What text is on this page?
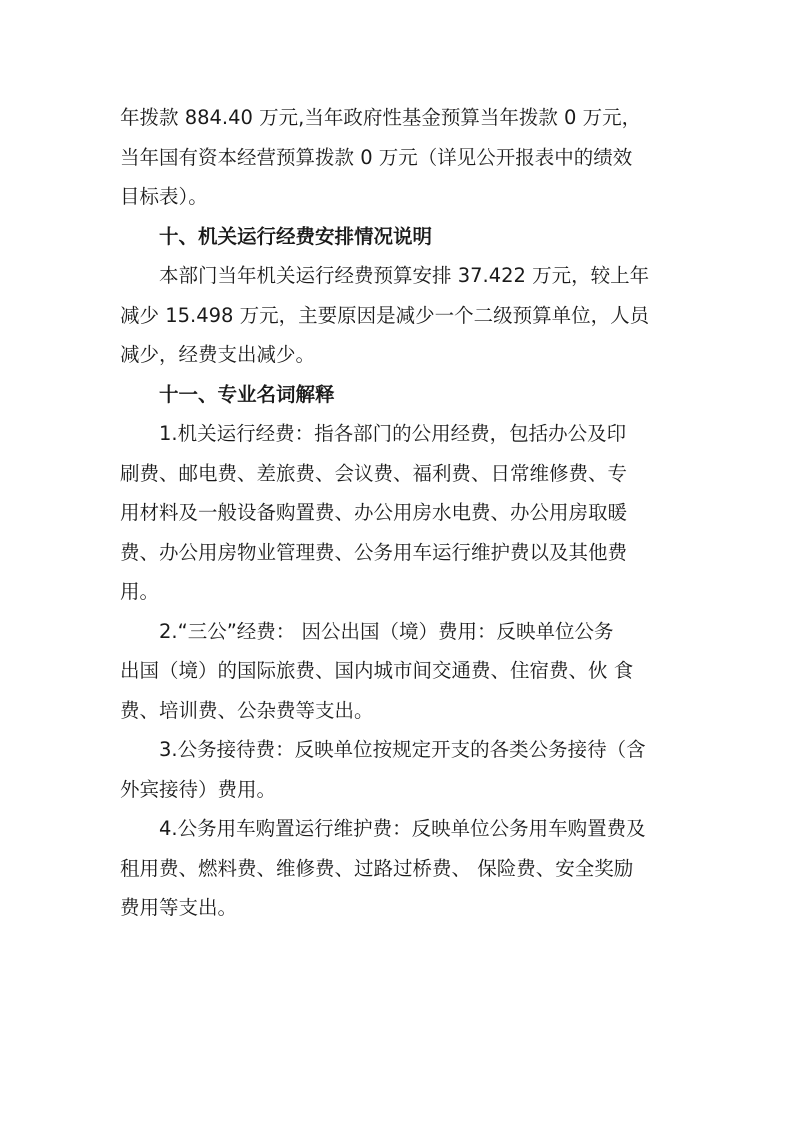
年拨款 884.40 万元,当年政府性基金预算当年拨款 0 万元，
当年国有资本经营预算拨款 0 万元（详见公开报表中的绩效
目标表）。

十、机关运行经费安排情况说明

本部门当年机关运行经费预算安排 37.422 万元，较上年
减少 15.498 万元，主要原因是减少一个二级预算单位，人员
减少，经费支出减少。

十一、专业名词解释

1.机关运行经费：指各部门的公用经费，包括办公及印
刷费、邮电费、差旅费、会议费、福利费、日常维修费、专
用材料及一般设备购置费、办公用房水电费、办公用房取暖
费、办公用房物业管理费、公务用车运行维护费以及其他费
用。

2.“三公”经费： 因公出国（境）费用：反映单位公务
出国（境）的国际旅费、国内城市间交通费、住宿费、伙 食
费、培训费、公杂费等支出。

3.公务接待费：反映单位按规定开支的各类公务接待（含
外宾接待）费用。

4.公务用车购置运行维护费：反映单位公务用车购置费及
租用费、燃料费、维修费、过路过桥费、 保险费、安全奖励
费用等支出。
